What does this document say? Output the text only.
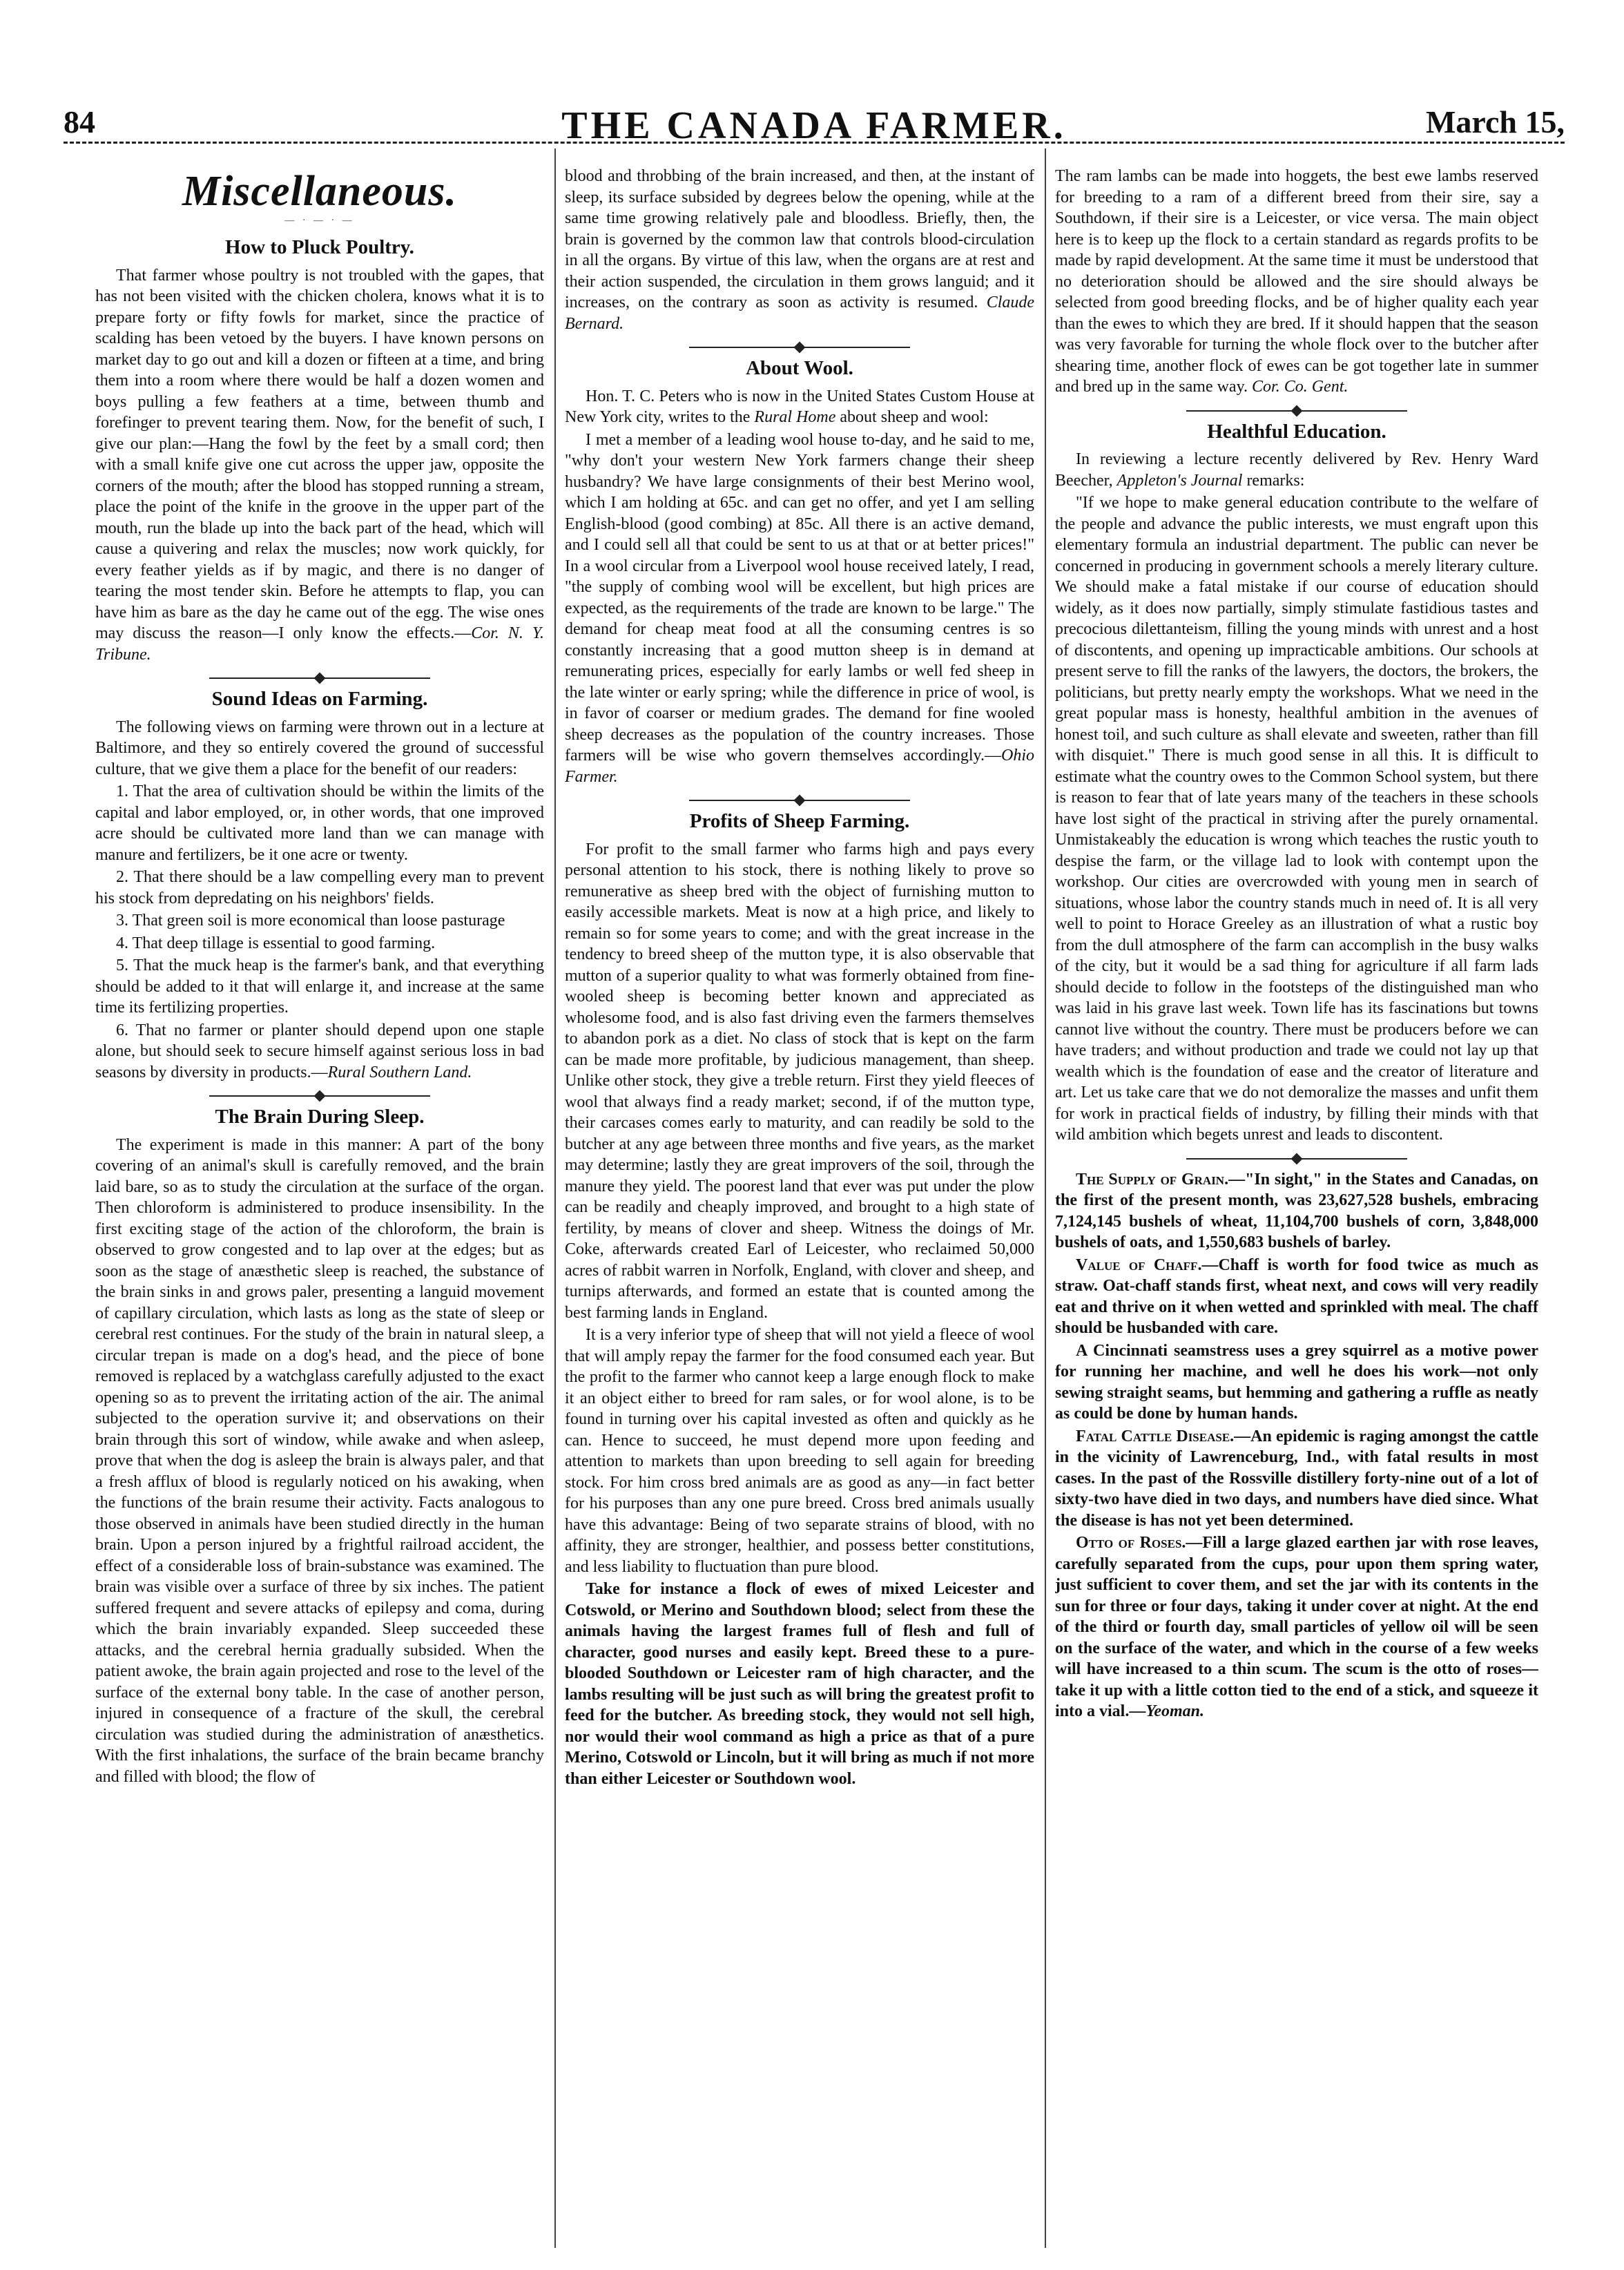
84	THE CANADA FARMER.	March 15,
Miscellaneous.
— · — · —
How to Pluck Poultry.

That farmer whose poultry is not troubled with the gapes, that has not been visited with the chicken cholera, knows what it is to prepare forty or fifty fowls for market, since the practice of scalding has been vetoed by the buyers. I have known persons on market day to go out and kill a dozen or fifteen at a time, and bring them into a room where there would be half a dozen women and boys pulling a few feathers at a time, between thumb and forefinger to prevent tearing them. Now, for the benefit of such, I give our plan:—Hang the fowl by the feet by a small cord; then with a small knife give one cut across the upper jaw, opposite the corners of the mouth; after the blood has stopped running a stream, place the point of the knife in the groove in the upper part of the mouth, run the blade up into the back part of the head, which will cause a quivering and relax the muscles; now work quickly, for every feather yields as if by magic, and there is no danger of tearing the most tender skin. Before he attempts to flap, you can have him as bare as the day he came out of the egg. The wise ones may discuss the reason—I only know the effects.—Cor. N. Y. Tribune.

Sound Ideas on Farming.

The following views on farming were thrown out in a lecture at Baltimore, and they so entirely covered the ground of successful culture, that we give them a place for the benefit of our readers:

1. That the area of cultivation should be within the limits of the capital and labor employed, or, in other words, that one improved acre should be cultivated more land than we can manage with manure and fertilizers, be it one acre or twenty.

2. That there should be a law compelling every man to prevent his stock from depredating on his neighbors' fields.

3. That green soil is more economical than loose pasturage

4. That deep tillage is essential to good farming.

5. That the muck heap is the farmer's bank, and that everything should be added to it that will enlarge it, and increase at the same time its fertilizing properties.

6. That no farmer or planter should depend upon one staple alone, but should seek to secure himself against serious loss in bad seasons by diversity in products.—Rural Southern Land.

The Brain During Sleep.

The experiment is made in this manner: A part of the bony covering of an animal's skull is carefully removed, and the brain laid bare, so as to study the circulation at the surface of the organ. Then chloroform is administered to produce insensibility. In the first exciting stage of the action of the chloroform, the brain is observed to grow congested and to lap over at the edges; but as soon as the stage of anæsthetic sleep is reached, the substance of the brain sinks in and grows paler, presenting a languid movement of capillary circulation, which lasts as long as the state of sleep or cerebral rest continues. For the study of the brain in natural sleep, a circular trepan is made on a dog's head, and the piece of bone removed is replaced by a watchglass carefully adjusted to the exact opening so as to prevent the irritating action of the air. The animal subjected to the operation survive it; and observations on their brain through this sort of window, while awake and when asleep, prove that when the dog is asleep the brain is always paler, and that a fresh afflux of blood is regularly noticed on his awaking, when the functions of the brain resume their activity. Facts analogous to those observed in animals have been studied directly in the human brain. Upon a person injured by a frightful railroad accident, the effect of a considerable loss of brain-substance was examined. The brain was visible over a surface of three by six inches. The patient suffered frequent and severe attacks of epilepsy and coma, during which the brain invariably expanded. Sleep succeeded these attacks, and the cerebral hernia gradually subsided. When the patient awoke, the brain again projected and rose to the level of the surface of the external bony table. In the case of another person, injured in consequence of a fracture of the skull, the cerebral circulation was studied during the administration of anæsthetics. With the first inhalations, the surface of the brain became branchy and filled with blood; the flow of

blood and throbbing of the brain increased, and then, at the instant of sleep, its surface subsided by degrees below the opening, while at the same time growing relatively pale and bloodless. Briefly, then, the brain is governed by the common law that controls blood-circulation in all the organs. By virtue of this law, when the organs are at rest and their action suspended, the circulation in them grows languid; and it increases, on the contrary as soon as activity is resumed. Claude Bernard.

About Wool.

Hon. T. C. Peters who is now in the United States Custom House at New York city, writes to the Rural Home about sheep and wool:

I met a member of a leading wool house to-day, and he said to me, "why don't your western New York farmers change their sheep husbandry? We have large consignments of their best Merino wool, which I am holding at 65c. and can get no offer, and yet I am selling English-blood (good combing) at 85c. All there is an active demand, and I could sell all that could be sent to us at that or at better prices!" In a wool circular from a Liverpool wool house received lately, I read, "the supply of combing wool will be excellent, but high prices are expected, as the requirements of the trade are known to be large." The demand for cheap meat food at all the consuming centres is so constantly increasing that a good mutton sheep is in demand at remunerating prices, especially for early lambs or well fed sheep in the late winter or early spring; while the difference in price of wool, is in favor of coarser or medium grades. The demand for fine wooled sheep decreases as the population of the country increases. Those farmers will be wise who govern themselves accordingly.—Ohio Farmer.

Profits of Sheep Farming.

For profit to the small farmer who farms high and pays every personal attention to his stock, there is nothing likely to prove so remunerative as sheep bred with the object of furnishing mutton to easily accessible markets. Meat is now at a high price, and likely to remain so for some years to come; and with the great increase in the tendency to breed sheep of the mutton type, it is also observable that mutton of a superior quality to what was formerly obtained from fine-wooled sheep is becoming better known and appreciated as wholesome food, and is also fast driving even the farmers themselves to abandon pork as a diet. No class of stock that is kept on the farm can be made more profitable, by judicious management, than sheep. Unlike other stock, they give a treble return. First they yield fleeces of wool that always find a ready market; second, if of the mutton type, their carcases comes early to maturity, and can readily be sold to the butcher at any age between three months and five years, as the market may determine; lastly they are great improvers of the soil, through the manure they yield. The poorest land that ever was put under the plow can be readily and cheaply improved, and brought to a high state of fertility, by means of clover and sheep. Witness the doings of Mr. Coke, afterwards created Earl of Leicester, who reclaimed 50,000 acres of rabbit warren in Norfolk, England, with clover and sheep, and turnips afterwards, and formed an estate that is counted among the best farming lands in England.

It is a very inferior type of sheep that will not yield a fleece of wool that will amply repay the farmer for the food consumed each year. But the profit to the farmer who cannot keep a large enough flock to make it an object either to breed for ram sales, or for wool alone, is to be found in turning over his capital invested as often and quickly as he can. Hence to succeed, he must depend more upon feeding and attention to markets than upon breeding to sell again for breeding stock. For him cross bred animals are as good as any—in fact better for his purposes than any one pure breed. Cross bred animals usually have this advantage: Being of two separate strains of blood, with no affinity, they are stronger, healthier, and possess better constitutions, and less liability to fluctuation than pure blood.

Take for instance a flock of ewes of mixed Leicester and Cotswold, or Merino and Southdown blood; select from these the animals having the largest frames full of flesh and full of character, good nurses and easily kept. Breed these to a pure-blooded Southdown or Leicester ram of high character, and the lambs resulting will be just such as will bring the greatest profit to feed for the butcher. As breeding stock, they would not sell high, nor would their wool command as high a price as that of a pure Merino, Cotswold or Lincoln, but it will bring as much if not more than either Leicester or Southdown wool.

The ram lambs can be made into hoggets, the best ewe lambs reserved for breeding to a ram of a different breed from their sire, say a Southdown, if their sire is a Leicester, or vice versa. The main object here is to keep up the flock to a certain standard as regards profits to be made by rapid development. At the same time it must be understood that no deterioration should be allowed and the sire should always be selected from good breeding flocks, and be of higher quality each year than the ewes to which they are bred. If it should happen that the season was very favorable for turning the whole flock over to the butcher after shearing time, another flock of ewes can be got together late in summer and bred up in the same way. Cor. Co. Gent.

Healthful Education.

In reviewing a lecture recently delivered by Rev. Henry Ward Beecher, Appleton's Journal remarks:

"If we hope to make general education contribute to the welfare of the people and advance the public interests, we must engraft upon this elementary formula an industrial department. The public can never be concerned in producing in government schools a merely literary culture. We should make a fatal mistake if our course of education should widely, as it does now partially, simply stimulate fastidious tastes and precocious dilettanteism, filling the young minds with unrest and a host of discontents, and opening up impracticable ambitions. Our schools at present serve to fill the ranks of the lawyers, the doctors, the brokers, the politicians, but pretty nearly empty the workshops. What we need in the great popular mass is honesty, healthful ambition in the avenues of honest toil, and such culture as shall elevate and sweeten, rather than fill with disquiet." There is much good sense in all this. It is difficult to estimate what the country owes to the Common School system, but there is reason to fear that of late years many of the teachers in these schools have lost sight of the practical in striving after the purely ornamental. Unmistakeably the education is wrong which teaches the rustic youth to despise the farm, or the village lad to look with contempt upon the workshop. Our cities are overcrowded with young men in search of situations, whose labor the country stands much in need of. It is all very well to point to Horace Greeley as an illustration of what a rustic boy from the dull atmosphere of the farm can accomplish in the busy walks of the city, but it would be a sad thing for agriculture if all farm lads should decide to follow in the footsteps of the distinguished man who was laid in his grave last week. Town life has its fascinations but towns cannot live without the country. There must be producers before we can have traders; and without production and trade we could not lay up that wealth which is the foundation of ease and the creator of literature and art. Let us take care that we do not demoralize the masses and unfit them for work in practical fields of industry, by filling their minds with that wild ambition which begets unrest and leads to discontent.

The Supply of Grain.—"In sight," in the States and Canadas, on the first of the present month, was 23,627,528 bushels, embracing 7,124,145 bushels of wheat, 11,104,700 bushels of corn, 3,848,000 bushels of oats, and 1,550,683 bushels of barley.

Value of Chaff.—Chaff is worth for food twice as much as straw. Oat-chaff stands first, wheat next, and cows will very readily eat and thrive on it when wetted and sprinkled with meal. The chaff should be husbanded with care.

A Cincinnati seamstress uses a grey squirrel as a motive power for running her machine, and well he does his work—not only sewing straight seams, but hemming and gathering a ruffle as neatly as could be done by human hands.

Fatal Cattle Disease.—An epidemic is raging amongst the cattle in the vicinity of Lawrenceburg, Ind., with fatal results in most cases. In the past of the Rossville distillery forty-nine out of a lot of sixty-two have died in two days, and numbers have died since. What the disease is has not yet been determined.

Otto of Roses.—Fill a large glazed earthen jar with rose leaves, carefully separated from the cups, pour upon them spring water, just sufficient to cover them, and set the jar with its contents in the sun for three or four days, taking it under cover at night. At the end of the third or fourth day, small particles of yellow oil will be seen on the surface of the water, and which in the course of a few weeks will have increased to a thin scum. The scum is the otto of roses—take it up with a little cotton tied to the end of a stick, and squeeze it into a vial.—Yeoman.
